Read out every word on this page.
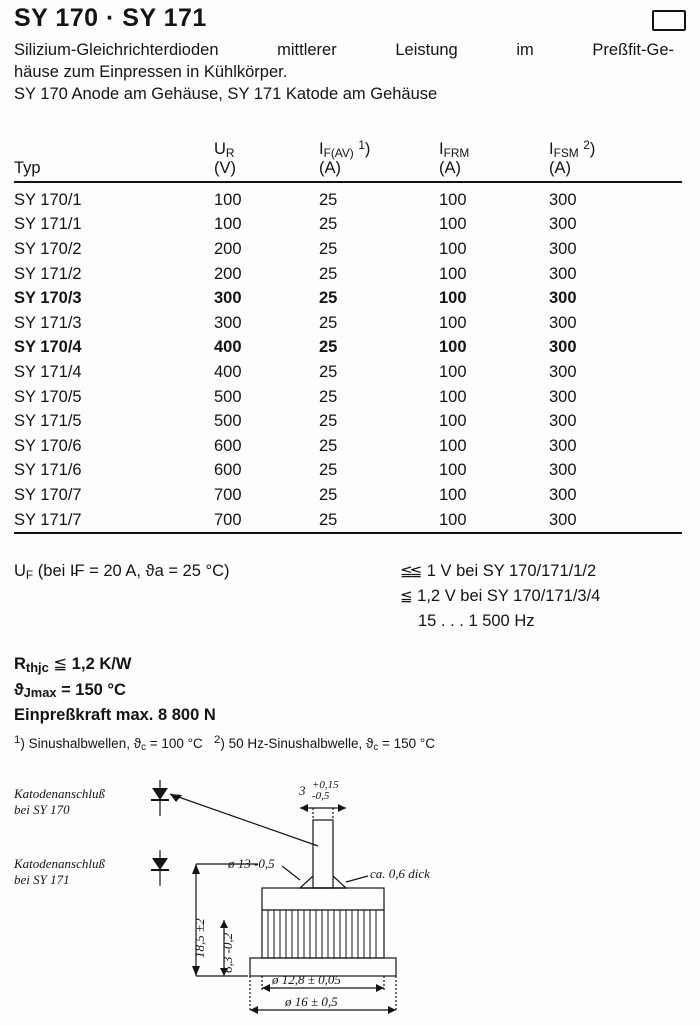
SY 170 · SY 171

Silizium-Gleichrichterdioden mittlerer Leistung im Preßfit-Ge-

häuse zum Einpressen in Kühlkörper.

SY 170 Anode am Gehäuse, SY 171 Katode am Gehäuse

	$U_R$	$I_{F(AV)}$ $^1$)	$I_{FRM}$	$I_{FSM}$ $^2$)
Typ	(V)	(A)	(A)	(A)
SY 170/1	100	25	100	300
SY 171/1	100	25	100	300
SY 170/2	200	25	100	300
SY 171/2	200	25	100	300
SY 170/3	300	25	100	300
SY 171/3	300	25	100	300
SY 170/4	400	25	100	300
SY 171/4	400	25	100	300
SY 170/5	500	25	100	300
SY 171/5	500	25	100	300
SY 170/6	600	25	100	300
SY 171/6	600	25	100	300
SY 170/7	700	25	100	300
SY 171/7	700	25	100	300
$U_F$ (bei I̵F = 20 A, ϑa = 25 °C)	≦≦ 1 V bei SY 170/171/1/2
≦ 1,2 V bei SY 170/171/3/4
15 . . . 1 500 Hz
$R_{thjc}$ ≦ 1,2 K/W
$ϑ_{Jmax} = 150$ °C
Einpreßkraft max. 8 800 N
$^1$) Sinushalbwellen, $ϑ_c = 100$ °C   $^2$) 50 Hz-Sinushalbwelle, $ϑ_c = 150$ °C
Katodenanschluß
bei SY 170
Katodenanschluß
bei SY 171
3 +0,15
-0,5
ca. 0,6 dick
ø 13 -0,5
18,5 ±2 6,3 -0,2
ø 12,8 ± 0,05
ø 16 ± 0,5
